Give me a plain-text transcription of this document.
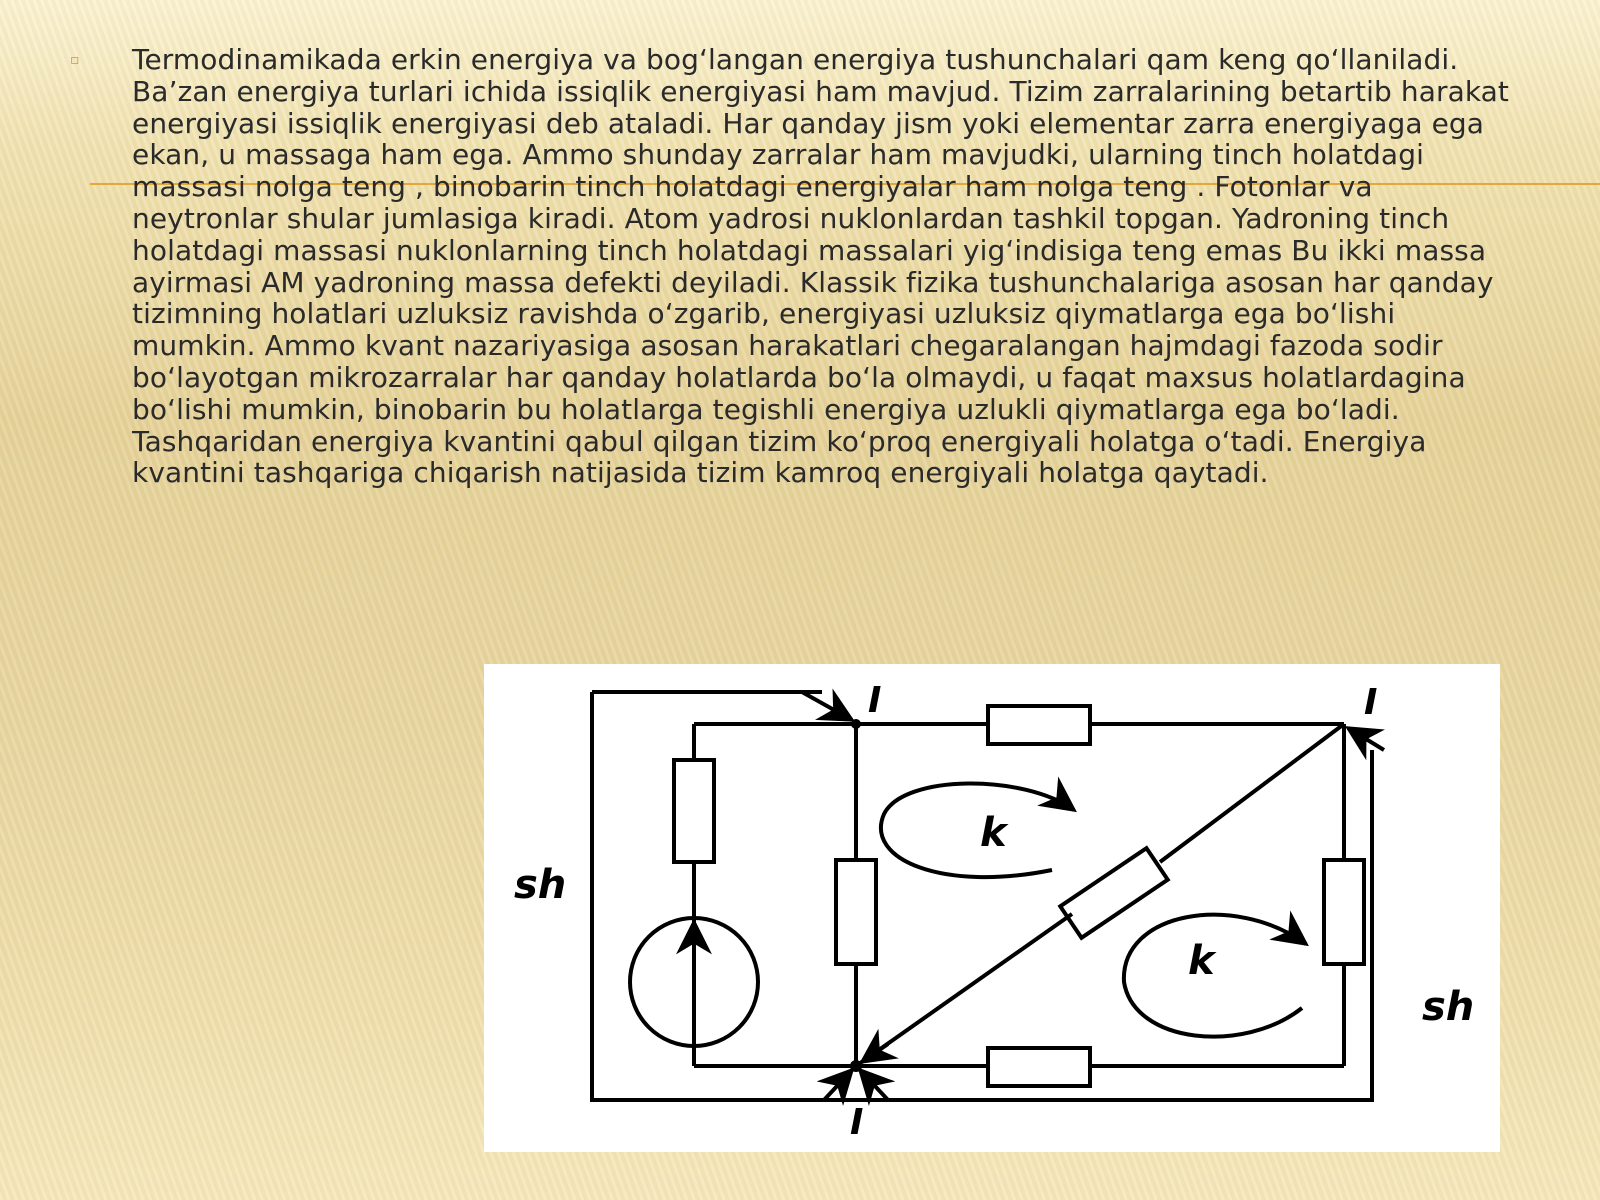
▫ Termodinamikada erkin energiya va bog‘langan energiya tushunchalari qam keng qo‘llaniladi. Ba’zan energiya turlari ichida issiqlik energiyasi ham mavjud. Tizim zarralarining betartib harakat energiyasi issiqlik energiyasi deb ataladi. Har qanday jism yoki elementar zarra energiyaga ega ekan, u massaga ham ega. Ammo shunday zarralar ham mavjudki, ularning tinch holatdagi massasi nolga teng , binobarin tinch holatdagi energiyalar ham nolga teng . Fotonlar va neytronlar shular jumlasiga kiradi. Atom yadrosi nuklonlardan tashkil topgan. Yadroning tinch holatdagi massasi nuklonlarning tinch holatdagi massalari yig‘indisiga teng emas Bu ikki massa ayirmasi AM yadroning massa defekti deyiladi. Klassik fizika tushunchalariga asosan har qanday tizimning holatlari uzluksiz ravishda o‘zgarib, energiyasi uzluksiz qiymatlarga ega bo‘lishi mumkin. Ammo kvant nazariyasiga asosan harakatlari chegaralangan hajmdagi fazoda sodir bo‘layotgan mikrozarralar har qanday holatlarda bo‘la olmaydi, u faqat maxsus holatlardagina bo‘lishi mumkin, binobarin bu holatlarga tegishli energiya uzlukli qiymatlarga ega bo‘ladi. Tashqaridan energiya kvantini qabul qilgan tizim ko‘proq energiyali holatga o‘tadi. Energiya kvantini tashqariga chiqarish natijasida tizim kamroq energiyali holatga qaytadi.

I	I
I
k
k
sh
sh
